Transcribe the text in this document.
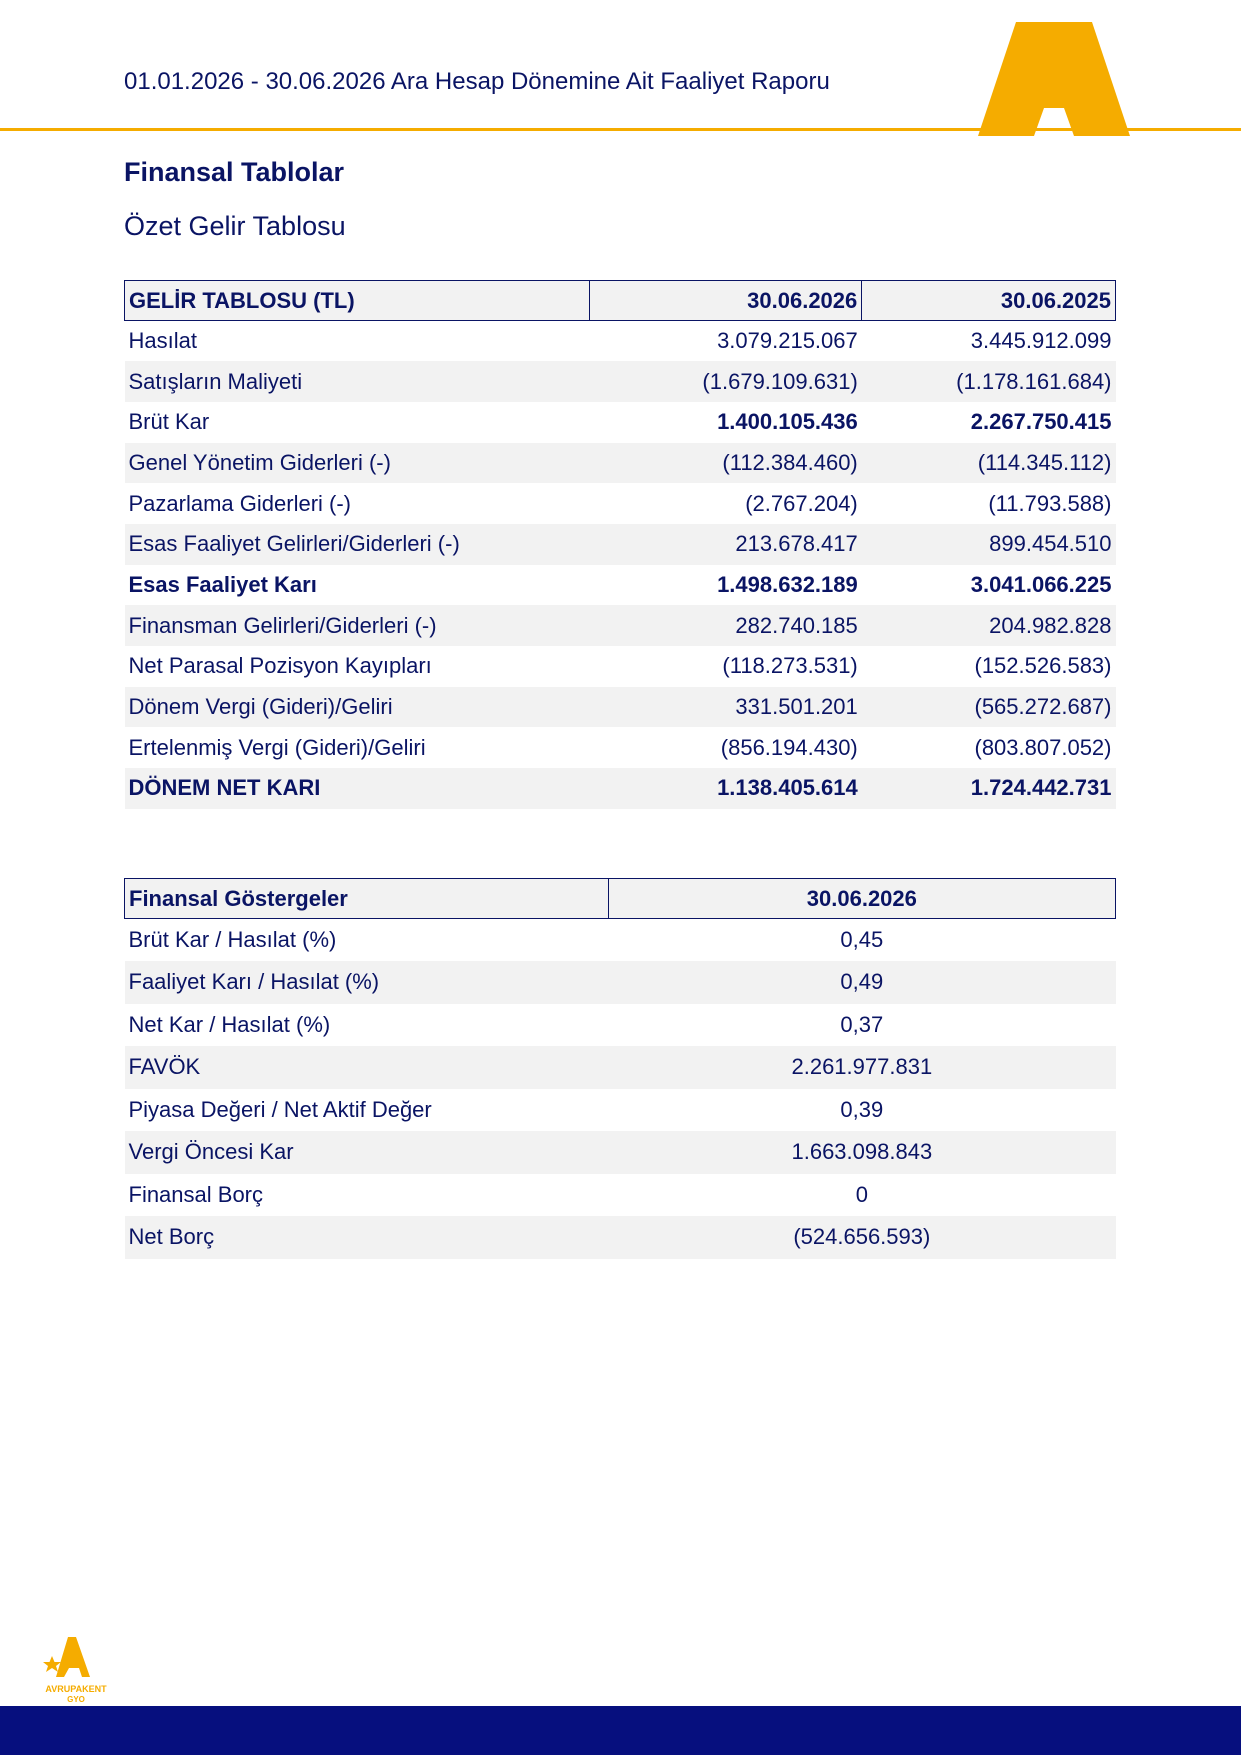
01.01.2026 - 30.06.2026 Ara Hesap Dönemine Ait Faaliyet Raporu
Finansal Tablolar
Özet Gelir Tablosu
GELİR TABLOSU (TL)	30.06.2026	30.06.2025
Hasılat	3.079.215.067	3.445.912.099
Satışların Maliyeti	(1.679.109.631)	(1.178.161.684)
Brüt Kar	1.400.105.436	2.267.750.415
Genel Yönetim Giderleri (-)	(112.384.460)	(114.345.112)
Pazarlama Giderleri (-)	(2.767.204)	(11.793.588)
Esas Faaliyet Gelirleri/Giderleri (-)	213.678.417	899.454.510
Esas Faaliyet Karı	1.498.632.189	3.041.066.225
Finansman Gelirleri/Giderleri (-)	282.740.185	204.982.828
Net Parasal Pozisyon Kayıpları	(118.273.531)	(152.526.583)
Dönem Vergi (Gideri)/Geliri	331.501.201	(565.272.687)
Ertelenmiş Vergi (Gideri)/Geliri	(856.194.430)	(803.807.052)
DÖNEM NET KARI	1.138.405.614	1.724.442.731
Finansal Göstergeler	30.06.2026
Brüt Kar / Hasılat (%)	0,45
Faaliyet Karı / Hasılat (%)	0,49
Net Kar / Hasılat (%)	0,37
FAVÖK	2.261.977.831
Piyasa Değeri / Net Aktif Değer	0,39
Vergi Öncesi Kar	1.663.098.843
Finansal Borç	0
Net Borç	(524.656.593)
AVRUPAKENT
GYO
